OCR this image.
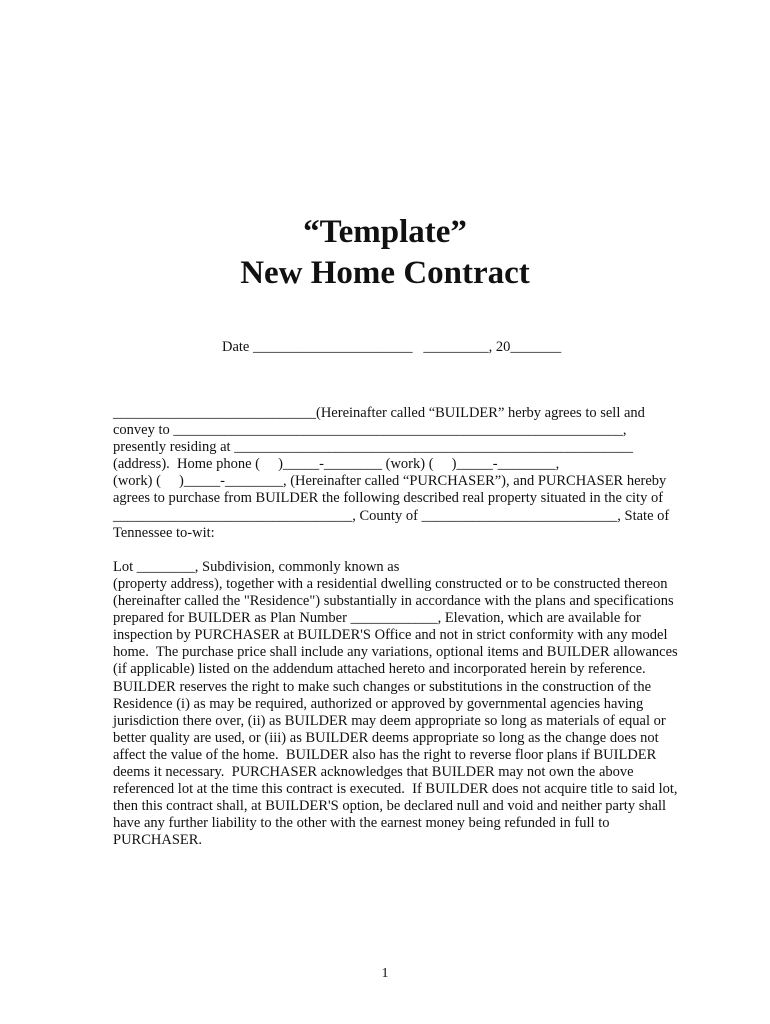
“Template”
New Home Contract
Date ______________________   _________, 20_______
____________________________(Hereinafter called “BUILDER” herby agrees to sell and
convey to ______________________________________________________________,
presently residing at _______________________________________________________
(address).  Home phone (     )_____-________ (work) (     )_____-________,
(work) (     )_____-________, (Hereinafter called “PURCHASER”), and PURCHASER hereby
agrees to purchase from BUILDER the following described real property situated in the city of
_________________________________, County of ___________________________, State of
Tennessee to-wit:
Lot ________, Subdivision, commonly known as
(property address), together with a residential dwelling constructed or to be constructed thereon
(hereinafter called the "Residence") substantially in accordance with the plans and specifications
prepared for BUILDER as Plan Number ____________, Elevation, which are available for
inspection by PURCHASER at BUILDER'S Office and not in strict conformity with any model
home.  The purchase price shall include any variations, optional items and BUILDER allowances
(if applicable) listed on the addendum attached hereto and incorporated herein by reference.
BUILDER reserves the right to make such changes or substitutions in the construction of the
Residence (i) as may be required, authorized or approved by governmental agencies having
jurisdiction there over, (ii) as BUILDER may deem appropriate so long as materials of equal or
better quality are used, or (iii) as BUILDER deems appropriate so long as the change does not
affect the value of the home.  BUILDER also has the right to reverse floor plans if BUILDER
deems it necessary.  PURCHASER acknowledges that BUILDER may not own the above
referenced lot at the time this contract is executed.  If BUILDER does not acquire title to said lot,
then this contract shall, at BUILDER'S option, be declared null and void and neither party shall
have any further liability to the other with the earnest money being refunded in full to
PURCHASER.
1
